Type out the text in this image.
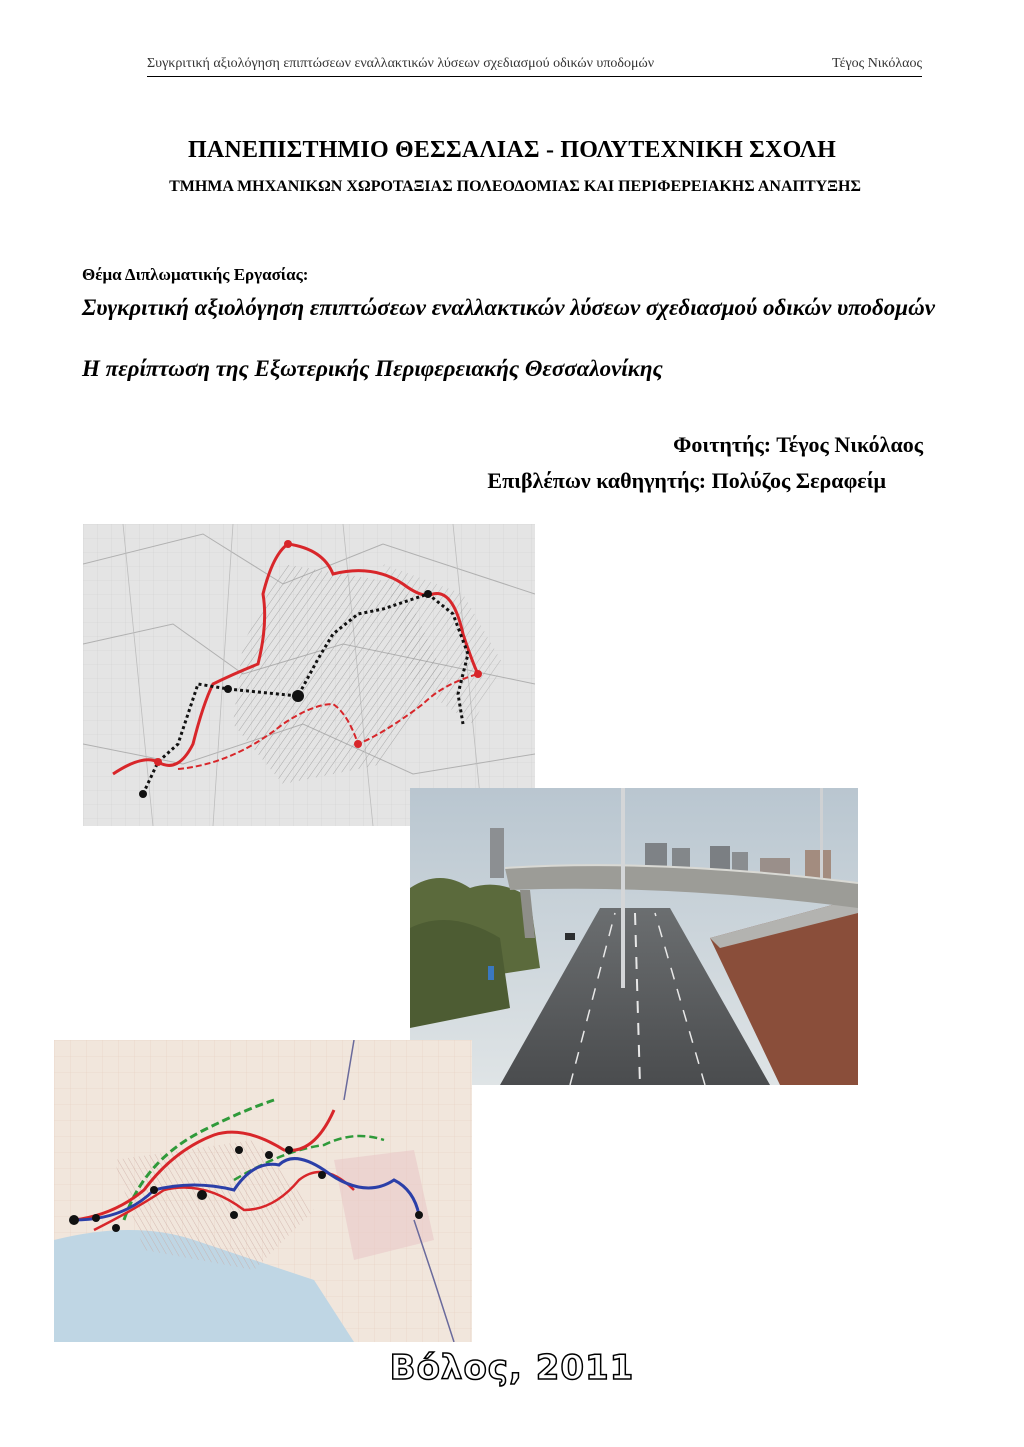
Συγκριτική αξιολόγηση επιπτώσεων εναλλακτικών λύσεων σχεδιασμού οδικών υποδομών	Τέγος Νικόλαος
ΠΑΝΕΠΙΣΤΗΜΙΟ ΘΕΣΣΑΛΙΑΣ - ΠΟΛΥΤΕΧΝΙΚΗ ΣΧΟΛΗ
ΤΜΗΜΑ ΜΗΧΑΝΙΚΩΝ ΧΩΡΟΤΑΞΙΑΣ ΠΟΛΕΟΔΟΜΙΑΣ ΚΑΙ ΠΕΡΙΦΕΡΕΙΑΚΗΣ ΑΝΑΠΤΥΞΗΣ
Θέμα Διπλωματικής Εργασίας:
Συγκριτική αξιολόγηση επιπτώσεων εναλλακτικών λύσεων σχεδιασμού οδικών υποδομών
Η περίπτωση της Εξωτερικής Περιφερειακής Θεσσαλονίκης
Φοιτητής: Τέγος Νικόλαος
Επιβλέπων καθηγητής: Πολύζος Σεραφείμ
Βόλος, 2011
